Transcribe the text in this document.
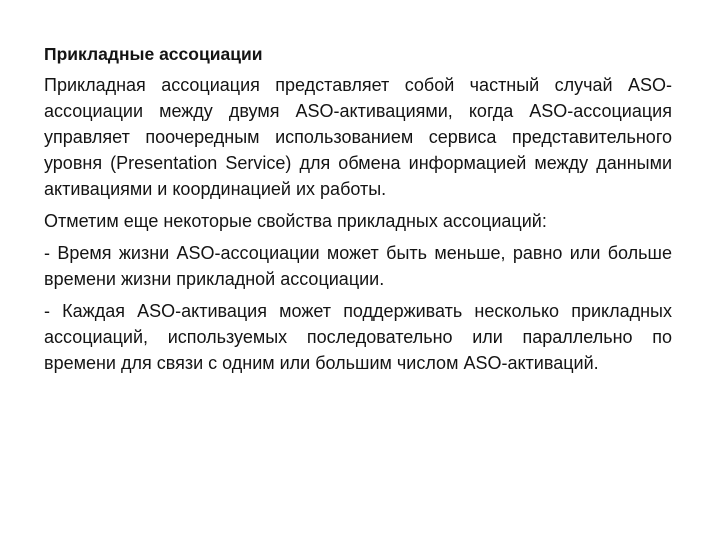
Прикладные ассоциации

Прикладная ассоциация представляет собой частный случай ASO-ассоциации между двумя ASO-активациями, когда ASO-ассоциация управляет поочередным использованием сервиса представительного уровня (Presentation Service) для обмена информацией между данными активациями и координацией их работы.

Отметим еще некоторые свойства прикладных ассоциаций:

- Время жизни ASO-ассоциации может быть меньше, равно или больше времени жизни прикладной ассоциации.

- Каждая ASO-активация может поддерживать несколько прикладных ассоциаций, используемых последовательно или параллельно по времени для связи с одним или большим числом ASO-активаций.
